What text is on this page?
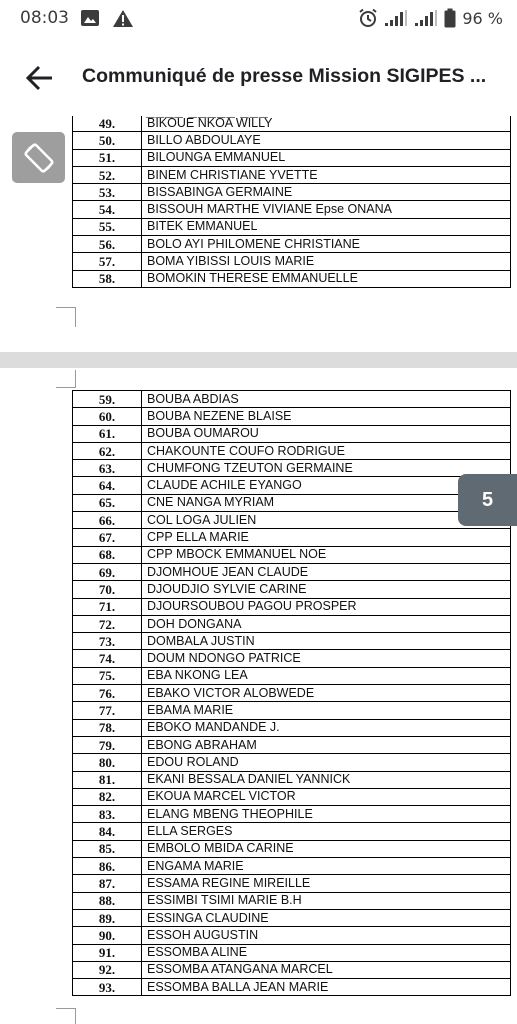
08:03	96 %
Communiqué de presse Mission SIGIPES ...
49.	BIKOUE NKOA WILLY
50.	BILLO ABDOULAYE
51.	BILOUNGA EMMANUEL
52.	BINEM CHRISTIANE YVETTE
53.	BISSABINGA GERMAINE
54.	BISSOUH MARTHE VIVIANE Epse ONANA
55.	BITEK EMMANUEL
56.	BOLO AYI PHILOMENE CHRISTIANE
57.	BOMA YIBISSI LOUIS MARIE
58.	BOMOKIN THERESE EMMANUELLE
59.	BOUBA ABDIAS
60.	BOUBA NEZENE BLAISE
61.	BOUBA OUMAROU
62.	CHAKOUNTE COUFO RODRIGUE
63.	CHUMFONG TZEUTON GERMAINE
64.	CLAUDE ACHILE EYANGO
65.	CNE NANGA MYRIAM
66.	COL LOGA JULIEN
67.	CPP ELLA MARIE
68.	CPP MBOCK EMMANUEL NOE
69.	DJOMHOUE JEAN CLAUDE
70.	DJOUDJIO SYLVIE CARINE
71.	DJOURSOUBOU PAGOU PROSPER
72.	DOH DONGANA
73.	DOMBALA JUSTIN
74.	DOUM NDONGO PATRICE
75.	EBA NKONG LEA
76.	EBAKO VICTOR ALOBWEDE
77.	EBAMA MARIE
78.	EBOKO MANDANDE J.
79.	EBONG ABRAHAM
80.	EDOU ROLAND
81.	EKANI BESSALA DANIEL YANNICK
82.	EKOUA MARCEL VICTOR
83.	ELANG MBENG THEOPHILE
84.	ELLA SERGES
85.	EMBOLO MBIDA CARINE
86.	ENGAMA MARIE
87.	ESSAMA REGINE MIREILLE
88.	ESSIMBI TSIMI MARIE B.H
89.	ESSINGA CLAUDINE
90.	ESSOH AUGUSTIN
91.	ESSOMBA ALINE
92.	ESSOMBA ATANGANA MARCEL
93.	ESSOMBA BALLA JEAN MARIE
5
